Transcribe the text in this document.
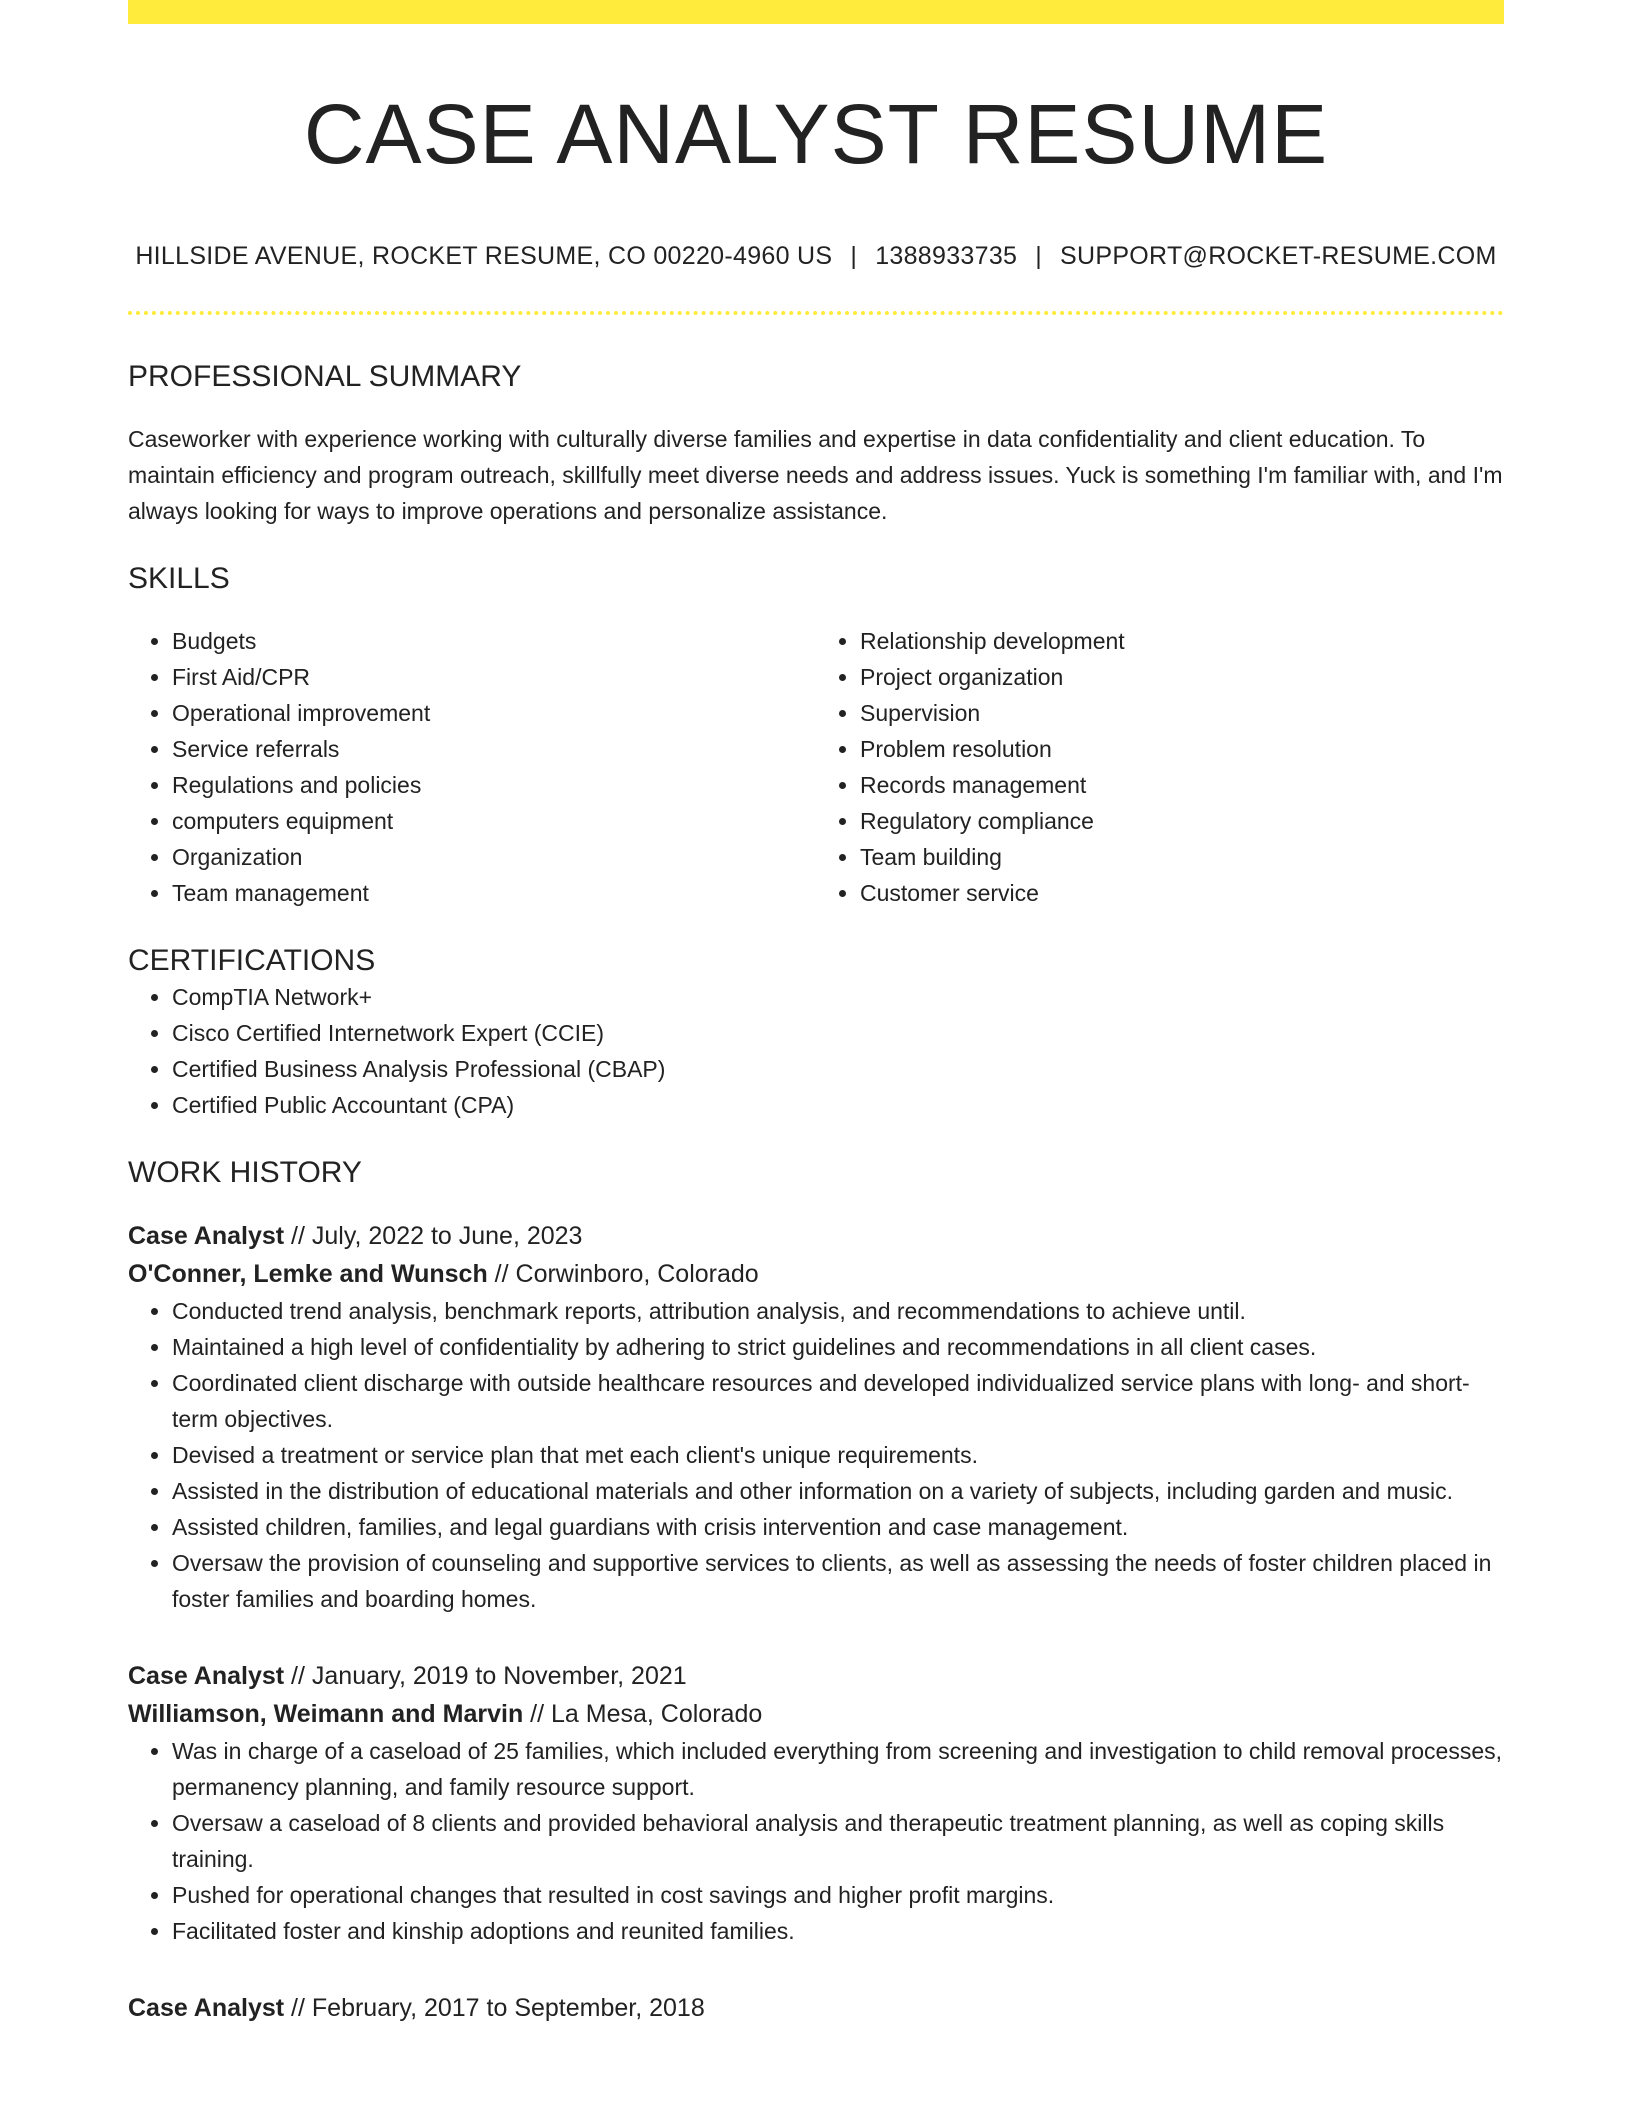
CASE ANALYST RESUME
HILLSIDE AVENUE, ROCKET RESUME, CO 00220-4960 US | 1388933735 | SUPPORT@ROCKET-RESUME.COM
PROFESSIONAL SUMMARY

Caseworker with experience working with culturally diverse families and expertise in data confidentiality and client education. To maintain efficiency and program outreach, skillfully meet diverse needs and address issues. Yuck is something I'm familiar with, and I'm always looking for ways to improve operations and personalize assistance.

SKILLS
• Budgets
• First Aid/CPR
• Operational improvement
• Service referrals
• Regulations and policies
• computers equipment
• Organization
• Team management
• Relationship development
• Project organization
• Supervision
• Problem resolution
• Records management
• Regulatory compliance
• Team building
• Customer service
CERTIFICATIONS
• CompTIA Network+
• Cisco Certified Internetwork Expert (CCIE)
• Certified Business Analysis Professional (CBAP)
• Certified Public Accountant (CPA)
WORK HISTORY
Case Analyst // July, 2022 to June, 2023
O'Conner, Lemke and Wunsch // Corwinboro, Colorado
• Conducted trend analysis, benchmark reports, attribution analysis, and recommendations to achieve until.
• Maintained a high level of confidentiality by adhering to strict guidelines and recommendations in all client cases.
• Coordinated client discharge with outside healthcare resources and developed individualized service plans with long- and short-term objectives.
• Devised a treatment or service plan that met each client's unique requirements.
• Assisted in the distribution of educational materials and other information on a variety of subjects, including garden and music.
• Assisted children, families, and legal guardians with crisis intervention and case management.
• Oversaw the provision of counseling and supportive services to clients, as well as assessing the needs of foster children placed in foster families and boarding homes.
Case Analyst // January, 2019 to November, 2021
Williamson, Weimann and Marvin // La Mesa, Colorado
• Was in charge of a caseload of 25 families, which included everything from screening and investigation to child removal processes, permanency planning, and family resource support.
• Oversaw a caseload of 8 clients and provided behavioral analysis and therapeutic treatment planning, as well as coping skills training.
• Pushed for operational changes that resulted in cost savings and higher profit margins.
• Facilitated foster and kinship adoptions and reunited families.
Case Analyst // February, 2017 to September, 2018
